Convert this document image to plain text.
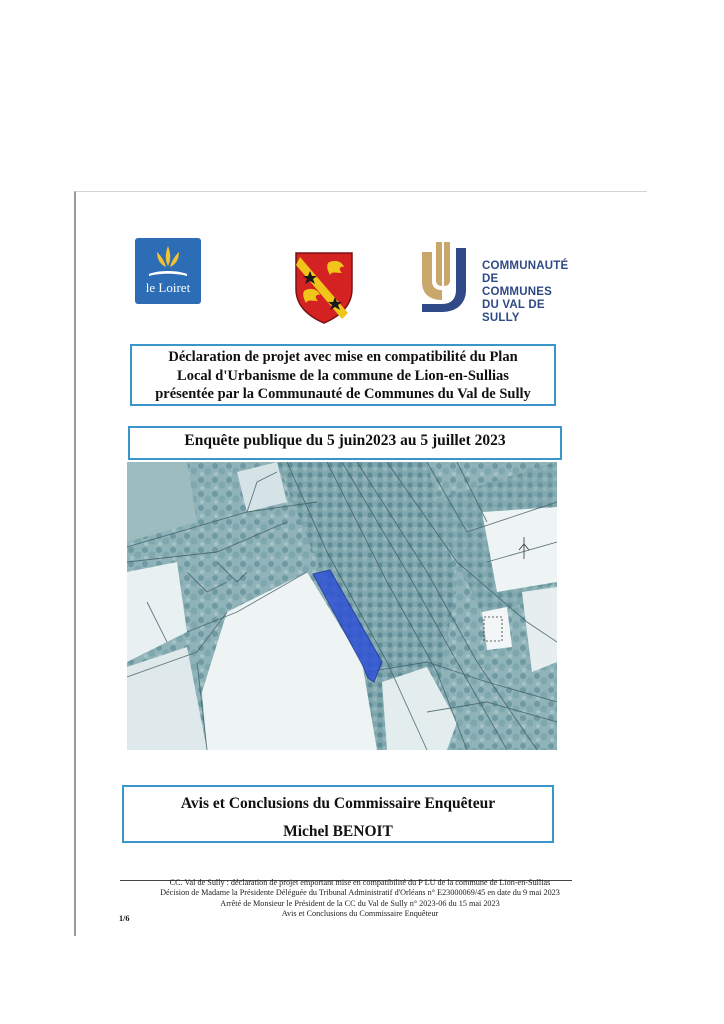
le Loiret
COMMUNAUTÉ
DE COMMUNES
DU VAL DE SULLY
Déclaration de projet avec mise en compatibilité du Plan
Local d'Urbanisme de la commune de Lion-en-Sullias
présentée par la Communauté de Communes du Val de Sully
Enquête publique du 5 juin2023 au 5 juillet 2023
Avis et Conclusions du Commissaire Enquêteur
Michel BENOIT
CC. Val de Sully : déclaration de projet emportant mise en compatibilité du P LU de la commune de Lion-en-Sullias
Décision de Madame la Présidente Déléguée du Tribunal Administratif d'Orléans n° E23000069/45 en date du 9 mai 2023
Arrêté de Monsieur le Président de la CC du Val de Sully n° 2023-06 du 15 mai 2023
Avis et Conclusions du Commissaire Enquêteur
1/6
